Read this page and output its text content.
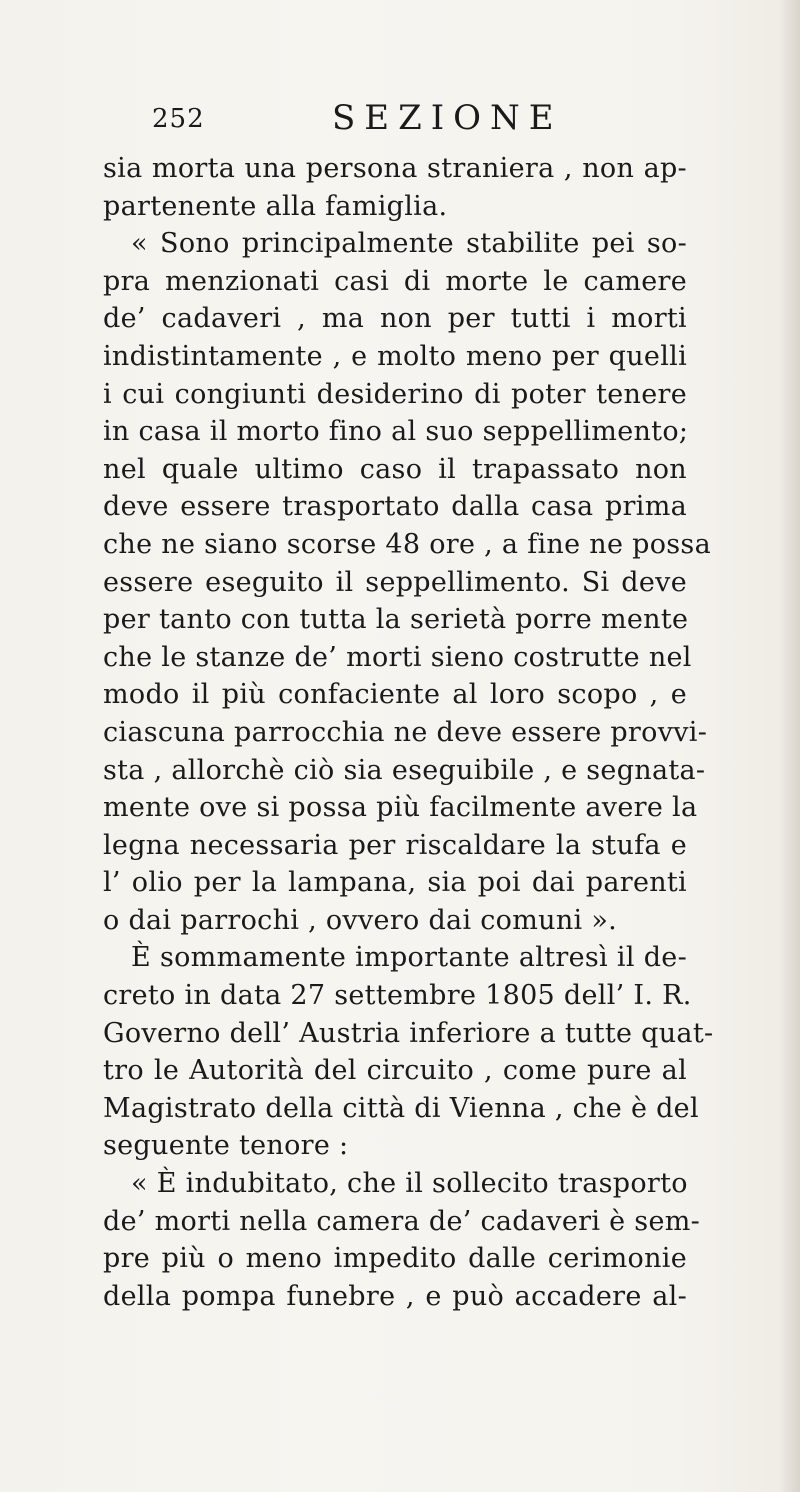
252	SEZIONE
sia morta una persona straniera , non ap-
partenente alla famiglia.
« Sono principalmente stabilite pei so-
pra menzionati casi di morte le camere
de’ cadaveri , ma non per tutti i morti
indistintamente , e molto meno per quelli
i cui congiunti desiderino di poter tenere
in casa il morto fino al suo seppellimento;
nel quale ultimo caso il trapassato non
deve essere trasportato dalla casa prima
che ne siano scorse 48 ore , a fine ne possa
essere eseguito il seppellimento. Si deve
per tanto con tutta la serietà porre mente
che le stanze de’ morti sieno costrutte nel
modo il più confaciente al loro scopo , e
ciascuna parrocchia ne deve essere provvi-
sta , allorchè ciò sia eseguibile , e segnata-
mente ove si possa più facilmente avere la
legna necessaria per riscaldare la stufa e
l’ olio per la lampana, sia poi dai parenti
o dai parrochi , ovvero dai comuni ».
È sommamente importante altresì il de-
creto in data 27 settembre 1805 dell’ I. R.
Governo dell’ Austria inferiore a tutte quat-
tro le Autorità del circuito , come pure al
Magistrato della città di Vienna , che è del
seguente tenore :
« È indubitato, che il sollecito trasporto
de’ morti nella camera de’ cadaveri è sem-
pre più o meno impedito dalle cerimonie
della pompa funebre , e può accadere al-
